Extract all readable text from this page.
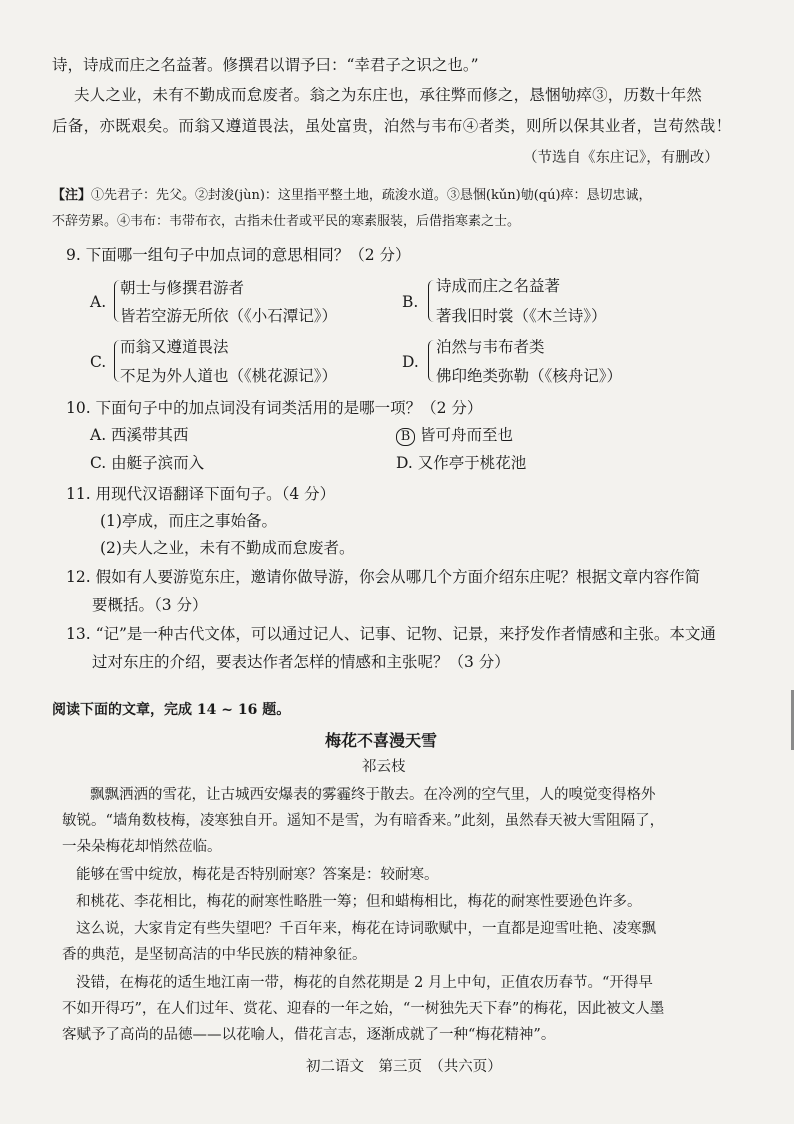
诗，诗成而庄之名益著。修撰君以谓予曰：“幸君子之识之也。”
夫人之业，未有不勤成而怠废者。翁之为东庄也，承往弊而修之，恳悃劬瘁③，历数十年然
后备，亦既艰矣。而翁又遵道畏法，虽处富贵，泊然与韦布④者类，则所以保其业者，岂苟然哉！
（节选自《东庄记》，有删改）
【注】①先君子：先父。②封浚(jùn)：这里指平整土地，疏浚水道。③恳悃(kǔn)劬(qú)瘁：恳切忠诚，
不辞劳累。④韦布：韦带布衣，古指未仕者或平民的寒素服装，后借指寒素之士。
9. 下面哪一组句子中加点词的意思相同？（2 分）
A.
朝士与修撰君游者
皆若空游无所依（《小石潭记》）
B.
诗成而庄之名益著
著我旧时裳（《木兰诗》）
C.
而翁又遵道畏法
不足为外人道也（《桃花源记》）
D.
泊然与韦布者类
佛印绝类弥勒（《核舟记》）
10. 下面句子中的加点词没有词类活用的是哪一项？（2 分）
A. 西溪带其西	B 皆可舟而至也
C. 由艇子滨而入	D. 又作亭于桃花池
11. 用现代汉语翻译下面句子。（4 分）
(1)亭成，而庄之事始备。
(2)夫人之业，未有不勤成而怠废者。
12. 假如有人要游览东庄，邀请你做导游，你会从哪几个方面介绍东庄呢？根据文章内容作简
要概括。（3 分）
13. “记”是一种古代文体，可以通过记人、记事、记物、记景，来抒发作者情感和主张。本文通
过对东庄的介绍，要表达作者怎样的情感和主张呢？（3 分）
阅读下面的文章，完成 14 ~ 16 题。
梅花不喜漫天雪
祁云枝
飘飘洒洒的雪花，让古城西安爆表的雾霾终于散去。在冷冽的空气里，人的嗅觉变得格外
敏锐。“墙角数枝梅，凌寒独自开。遥知不是雪，为有暗香来。”此刻，虽然春天被大雪阻隔了，
一朵朵梅花却悄然莅临。
能够在雪中绽放，梅花是否特别耐寒？答案是：较耐寒。
和桃花、李花相比，梅花的耐寒性略胜一筹；但和蜡梅相比，梅花的耐寒性要逊色许多。
这么说，大家肯定有些失望吧？千百年来，梅花在诗词歌赋中，一直都是迎雪吐艳、凌寒飘
香的典范，是坚韧高洁的中华民族的精神象征。
没错，在梅花的适生地江南一带，梅花的自然花期是 2 月上中旬，正值农历春节。“开得早
不如开得巧”，在人们过年、赏花、迎春的一年之始，“一树独先天下春”的梅花，因此被文人墨
客赋予了高尚的品德——以花喻人，借花言志，逐渐成就了一种“梅花精神”。
初二语文　第三页　（共六页）
